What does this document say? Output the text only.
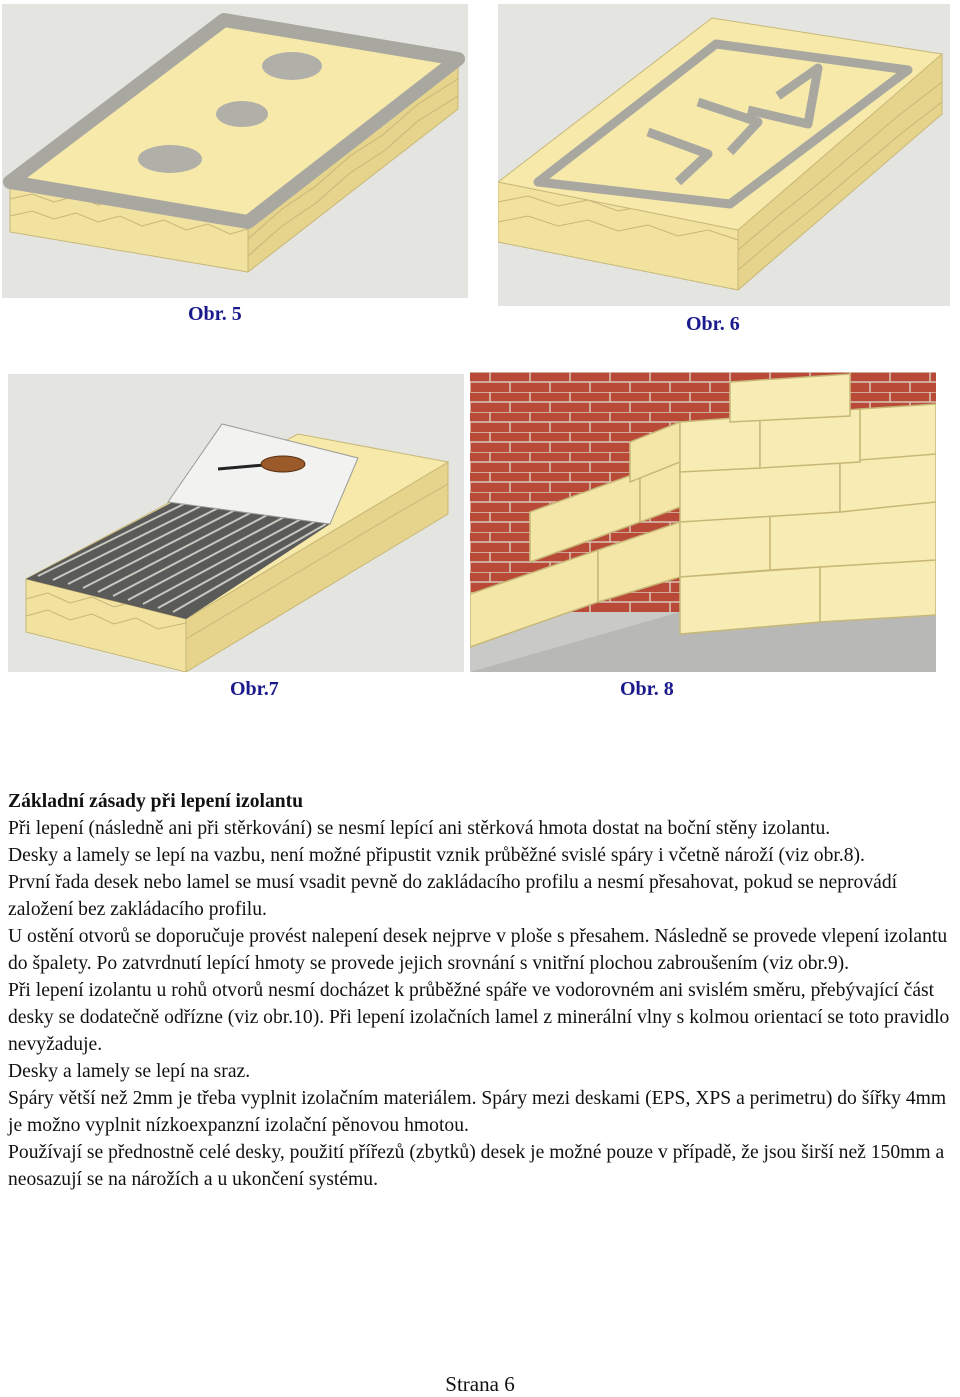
Obr. 5	Obr. 6
Obr.7	Obr. 8

Základní zásady při lepení izolantu

Při lepení (následně ani při stěrkování) se nesmí lepící ani stěrková hmota dostat na boční stěny izolantu.

Desky a lamely se lepí na vazbu, není možné připustit vznik průběžné svislé spáry i včetně nároží (viz obr.8).

První řada desek nebo lamel se musí vsadit pevně do zakládacího profilu a nesmí přesahovat, pokud se neprovádí založení bez zakládacího profilu.

U ostění otvorů se doporučuje provést nalepení desek nejprve v ploše s přesahem. Následně se provede vlepení izolantu do špalety. Po zatvrdnutí lepící hmoty se provede jejich srovnání s vnitřní plochou zabroušením (viz obr.9).

Při lepení izolantu u rohů otvorů nesmí docházet k průběžné spáře ve vodorovném ani svislém směru, přebývající část desky se dodatečně odřízne (viz obr.10). Při lepení izolačních lamel z minerální vlny s kolmou orientací se toto pravidlo nevyžaduje.

Desky a lamely se lepí na sraz.

Spáry větší než 2mm je třeba vyplnit izolačním materiálem. Spáry mezi deskami (EPS, XPS a perimetru) do šířky 4mm je možno vyplnit nízkoexpanzní izolační pěnovou hmotou.

Používají se přednostně celé desky, použití přířezů (zbytků) desek je možné pouze v případě, že jsou širší než 150mm a neosazují se na nárožích a u ukončení systému.

Strana 6
